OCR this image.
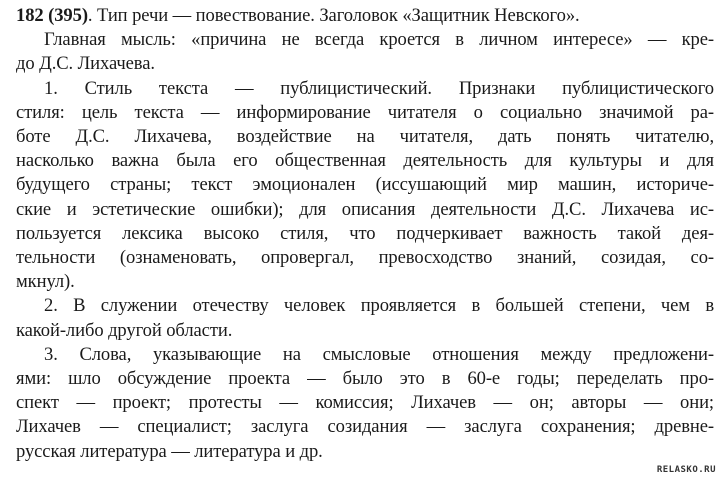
182 (395). Тип речи — повествование. Заголовок «Защитник Невского».
Главная мысль: «причина не всегда кроется в личном интересе» — кре-
до Д.С. Лихачева.
1. Стиль текста — публицистический. Признаки публицистического
стиля: цель текста — информирование читателя о социально значимой ра-
боте Д.С. Лихачева, воздействие на читателя, дать понять читателю,
насколько важна была его общественная деятельность для культуры и для
будущего страны; текст эмоционален (иссушающий мир машин, историче-
ские и эстетические ошибки); для описания деятельности Д.С. Лихачева ис-
пользуется лексика высоко стиля, что подчеркивает важность такой дея-
тельности (ознаменовать, опровергал, превосходство знаний, созидая, со-
мкнул).
2. В служении отечеству человек проявляется в большей степени, чем в
какой-либо другой области.
3. Слова, указывающие на смысловые отношения между предложени-
ями: шло обсуждение проекта — было это в 60-е годы; переделать про-
спект — проект; протесты — комиссия; Лихачев — он; авторы — они;
Лихачев — специалист; заслуга созидания — заслуга сохранения; древне-
русская литература — литература и др.
RELASKO.RU
